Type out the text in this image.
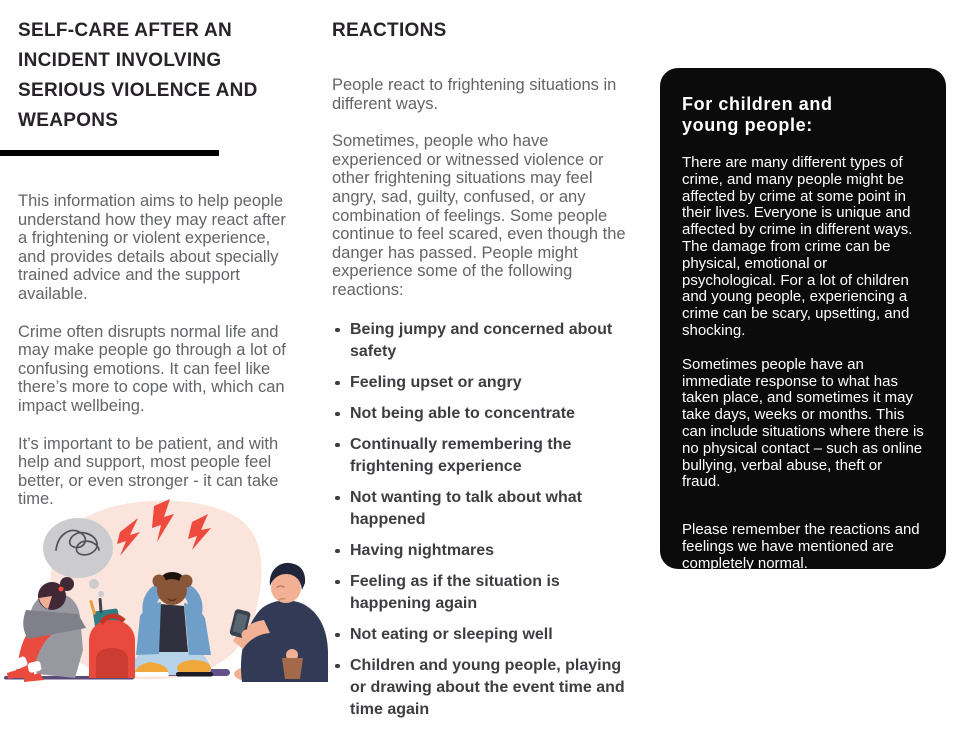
SELF-CARE AFTER AN INCIDENT INVOLVING SERIOUS VIOLENCE AND WEAPONS

This information aims to help people understand how they may react after a frightening or violent experience, and provides details about specially trained advice and the support available.

Crime often disrupts normal life and may make people go through a lot of confusing emotions. It can feel like there’s more to cope with, which can impact wellbeing.

It’s important to be patient, and with help and support, most people feel better, or even stronger - it can take time.

REACTIONS

People react to frightening situations in different ways.

Sometimes, people who have experienced or witnessed violence or other frightening situations may feel angry, sad, guilty, confused, or any combination of feelings. Some people continue to feel scared, even though the danger has passed. People might experience some of the following reactions:

Being jumpy and concerned about safety
Feeling upset or angry
Not being able to concentrate
Continually remembering the frightening experience
Not wanting to talk about what happened
Having nightmares
Feeling as if the situation is happening again
Not eating or sleeping well
Children and young people, playing or drawing about the event time and time again
For children and young people:

There are many different types of crime, and many people might be affected by crime at some point in their lives. Everyone is unique and affected by crime in different ways. The damage from crime can be physical, emotional or psychological. For a lot of children and young people, experiencing a crime can be scary, upsetting, and shocking.

Sometimes people have an immediate response to what has taken place, and sometimes it may take days, weeks or months. This can include situations where there is no physical contact – such as online bullying, verbal abuse, theft or fraud.

Please remember the reactions and feelings we have mentioned are completely normal.
